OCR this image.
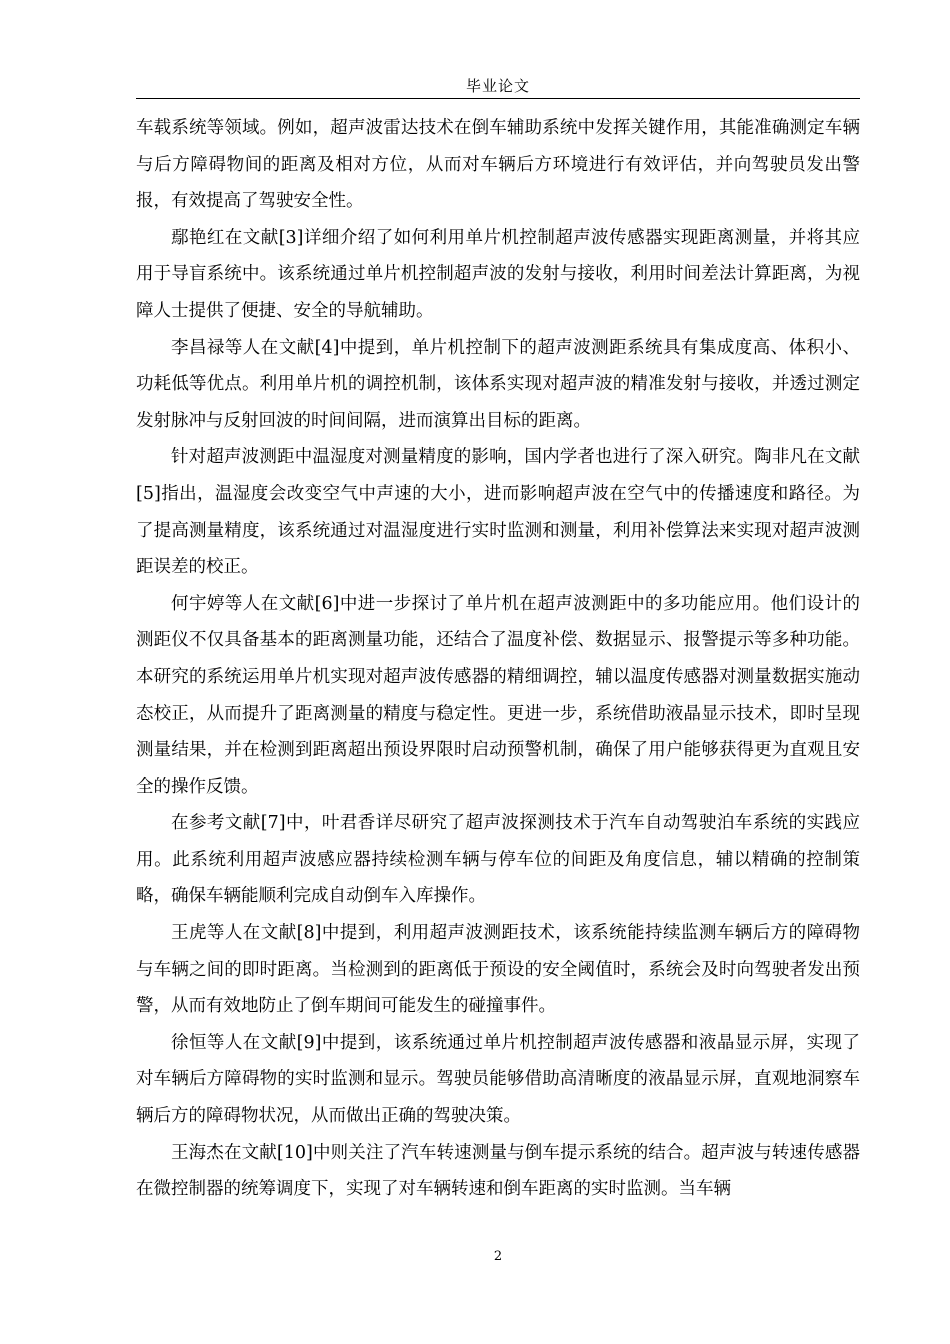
毕业论文

车载系统等领域。例如，超声波雷达技术在倒车辅助系统中发挥关键作用，其能准确测定车辆与后方障碍物间的距离及相对方位，从而对车辆后方环境进行有效评估，并向驾驶员发出警报，有效提高了驾驶安全性。

鄢艳红在文献[3]详细介绍了如何利用单片机控制超声波传感器实现距离测量，并将其应用于导盲系统中。该系统通过单片机控制超声波的发射与接收，利用时间差法计算距离，为视障人士提供了便捷、安全的导航辅助。

李昌禄等人在文献[4]中提到，单片机控制下的超声波测距系统具有集成度高、体积小、功耗低等优点。利用单片机的调控机制，该体系实现对超声波的精准发射与接收，并透过测定发射脉冲与反射回波的时间间隔，进而演算出目标的距离。

针对超声波测距中温湿度对测量精度的影响，国内学者也进行了深入研究。陶非凡在文献[5]指出，温湿度会改变空气中声速的大小，进而影响超声波在空气中的传播速度和路径。为了提高测量精度，该系统通过对温湿度进行实时监测和测量，利用补偿算法来实现对超声波测距误差的校正。

何宇婷等人在文献[6]中进一步探讨了单片机在超声波测距中的多功能应用。他们设计的测距仪不仅具备基本的距离测量功能，还结合了温度补偿、数据显示、报警提示等多种功能。本研究的系统运用单片机实现对超声波传感器的精细调控，辅以温度传感器对测量数据实施动态校正，从而提升了距离测量的精度与稳定性。更进一步，系统借助液晶显示技术，即时呈现测量结果，并在检测到距离超出预设界限时启动预警机制，确保了用户能够获得更为直观且安全的操作反馈。

在参考文献[7]中，叶君香详尽研究了超声波探测技术于汽车自动驾驶泊车系统的实践应用。此系统利用超声波感应器持续检测车辆与停车位的间距及角度信息，辅以精确的控制策略，确保车辆能顺利完成自动倒车入库操作。

王虎等人在文献[8]中提到，利用超声波测距技术，该系统能持续监测车辆后方的障碍物与车辆之间的即时距离。当检测到的距离低于预设的安全阈值时，系统会及时向驾驶者发出预警，从而有效地防止了倒车期间可能发生的碰撞事件。

徐恒等人在文献[9]中提到，该系统通过单片机控制超声波传感器和液晶显示屏，实现了对车辆后方障碍物的实时监测和显示。驾驶员能够借助高清晰度的液晶显示屏，直观地洞察车辆后方的障碍物状况，从而做出正确的驾驶决策。

王海杰在文献[10]中则关注了汽车转速测量与倒车提示系统的结合。超声波与转速传感器在微控制器的统筹调度下，实现了对车辆转速和倒车距离的实时监测。当车辆

2
